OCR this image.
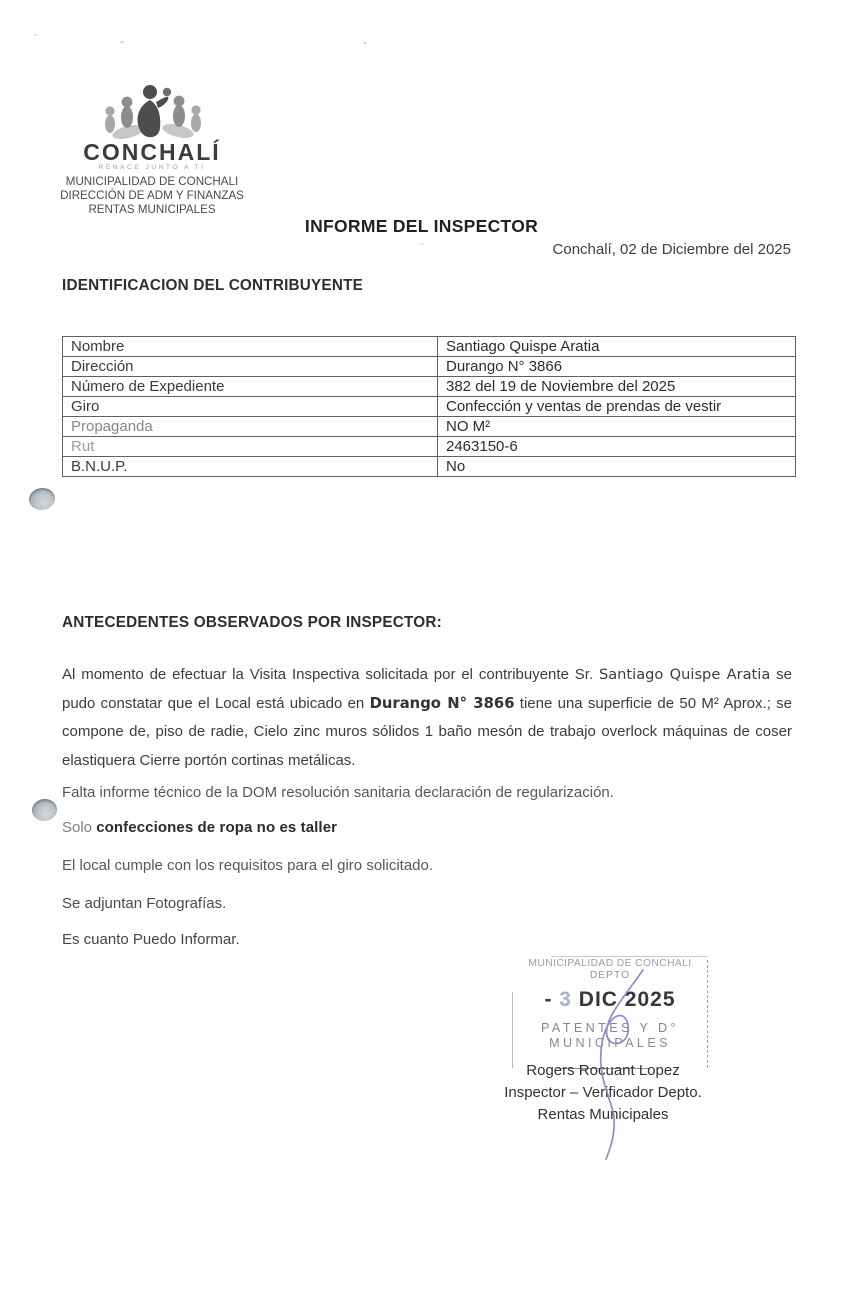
CONCHALÍ
RENACE JUNTO A TI
MUNICIPALIDAD DE CONCHALI
DIRECCIÓN DE ADM Y FINANZAS
RENTAS MUNICIPALES
INFORME DEL INSPECTOR
Conchalí, 02 de Diciembre del 2025
IDENTIFICACION DEL CONTRIBUYENTE
Nombre	Santiago Quispe Aratia
Dirección	Durango N° 3866
Número de Expediente	382 del 19 de Noviembre del 2025
Giro	Confección y ventas de prendas de vestir
Propaganda	NO M²
Rut	2463150-6
B.N.U.P.	No
ANTECEDENTES OBSERVADOS POR INSPECTOR:

Al momento de efectuar la Visita Inspectiva solicitada por el contribuyente Sr. Santiago Quispe Aratia se pudo constatar que el Local está ubicado en Durango N° 3866 tiene una superficie de 50 M² Aprox.; se compone de, piso de radie, Cielo zinc muros sólidos 1 baño mesón de trabajo overlock máquinas de coser elastiquera Cierre portón cortinas metálicas.

Falta informe técnico de la DOM resolución sanitaria declaración de regularización.

Solo confecciones de ropa no es taller

El local cumple con los requisitos para el giro solicitado.

Se adjuntan Fotografías.

Es cuanto Puedo Informar.

MUNICIPALIDAD DE CONCHALI
DEPTO
- 3 DIC 2025
PATENTES Y D°
MUNICIPALES
Rogers Rocuant Lopez
Inspector – Verificador Depto.
Rentas Municipales
